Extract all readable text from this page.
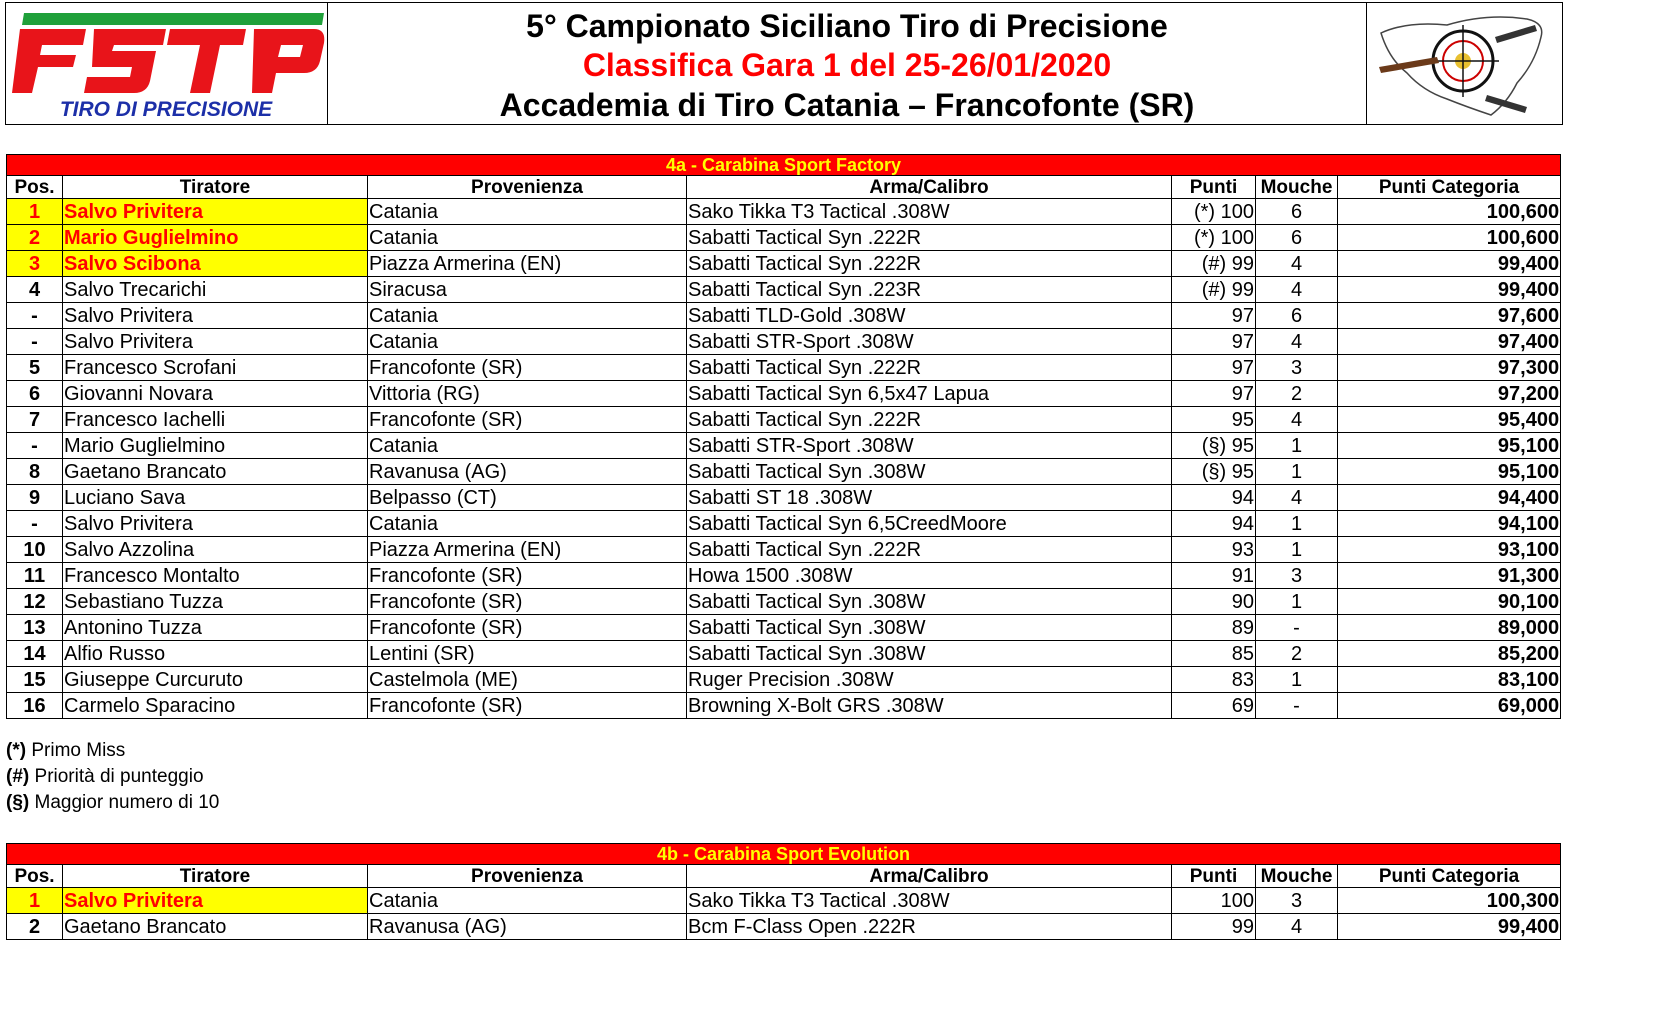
TIRO DI PRECISIONE
5° Campionato Siciliano Tiro di Precisione
Classifica Gara 1 del 25-26/01/2020
Accademia di Tiro Catania – Francofonte (SR)
4a - Carabina Sport Factory						
Pos.	Tiratore	Provenienza	Arma/Calibro	Punti	Mouche	Punti Categoria
1	Salvo Privitera	Catania	Sako Tikka T3 Tactical .308W	(*) 100	6	100,600
2	Mario Guglielmino	Catania	Sabatti Tactical Syn .222R	(*) 100	6	100,600
3	Salvo Scibona	Piazza Armerina (EN)	Sabatti Tactical Syn .222R	(#) 99	4	99,400
4	Salvo Trecarichi	Siracusa	Sabatti Tactical Syn .223R	(#) 99	4	99,400
-	Salvo Privitera	Catania	Sabatti TLD-Gold .308W	97	6	97,600
-	Salvo Privitera	Catania	Sabatti STR-Sport .308W	97	4	97,400
5	Francesco Scrofani	Francofonte (SR)	Sabatti Tactical Syn .222R	97	3	97,300
6	Giovanni Novara	Vittoria (RG)	Sabatti Tactical Syn 6,5x47 Lapua	97	2	97,200
7	Francesco Iachelli	Francofonte (SR)	Sabatti Tactical Syn .222R	95	4	95,400
-	Mario Guglielmino	Catania	Sabatti STR-Sport .308W	(§) 95	1	95,100
8	Gaetano Brancato	Ravanusa (AG)	Sabatti Tactical Syn .308W	(§) 95	1	95,100
9	Luciano Sava	Belpasso (CT)	Sabatti ST 18 .308W	94	4	94,400
-	Salvo Privitera	Catania	Sabatti Tactical Syn 6,5CreedMoore	94	1	94,100
10	Salvo Azzolina	Piazza Armerina (EN)	Sabatti Tactical Syn .222R	93	1	93,100
11	Francesco Montalto	Francofonte (SR)	Howa 1500 .308W	91	3	91,300
12	Sebastiano Tuzza	Francofonte (SR)	Sabatti Tactical Syn .308W	90	1	90,100
13	Antonino Tuzza	Francofonte (SR)	Sabatti Tactical Syn .308W	89	-	89,000
14	Alfio Russo	Lentini (SR)	Sabatti Tactical Syn .308W	85	2	85,200
15	Giuseppe Curcuruto	Castelmola (ME)	Ruger Precision .308W	83	1	83,100
16	Carmelo Sparacino	Francofonte (SR)	Browning X-Bolt GRS .308W	69	-	69,000
(*) Primo Miss
(#) Priorità di punteggio
(§) Maggior numero di 10
4b - Carabina Sport Evolution						
Pos.	Tiratore	Provenienza	Arma/Calibro	Punti	Mouche	Punti Categoria
1	Salvo Privitera	Catania	Sako Tikka T3 Tactical .308W	100	3	100,300
2	Gaetano Brancato	Ravanusa (AG)	Bcm F-Class Open .222R	99	4	99,400
